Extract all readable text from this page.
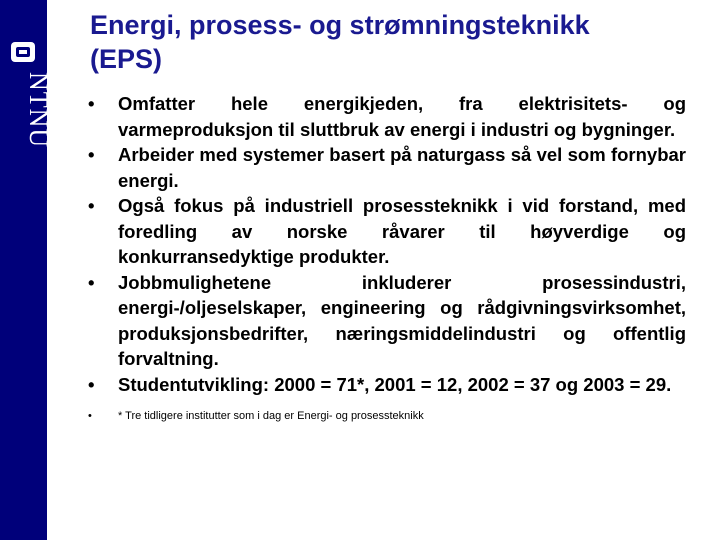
NTNU
Energi, prosess- og strømningsteknikk
(EPS)
• Omfatter hele energikjeden, fra elektrisitets- og varmeproduksjon til sluttbruk av energi i industri og bygninger.
• Arbeider med systemer basert på naturgass så vel som fornybar energi.
• Også fokus på industriell prosessteknikk i vid forstand, med foredling av norske råvarer til høyverdige og konkurransedyktige produkter.
• Jobbmulighetene inkluderer prosessindustri, energi-/oljeselskaper, engineering og rådgivningsvirksomhet, produksjonsbedrifter, næringsmiddelindustri og offentlig forvaltning.
• Studentutvikling: 2000 = 71*, 2001 = 12, 2002 = 37 og 2003 = 29.
• * Tre tidligere institutter som i dag er Energi- og prosessteknikk
